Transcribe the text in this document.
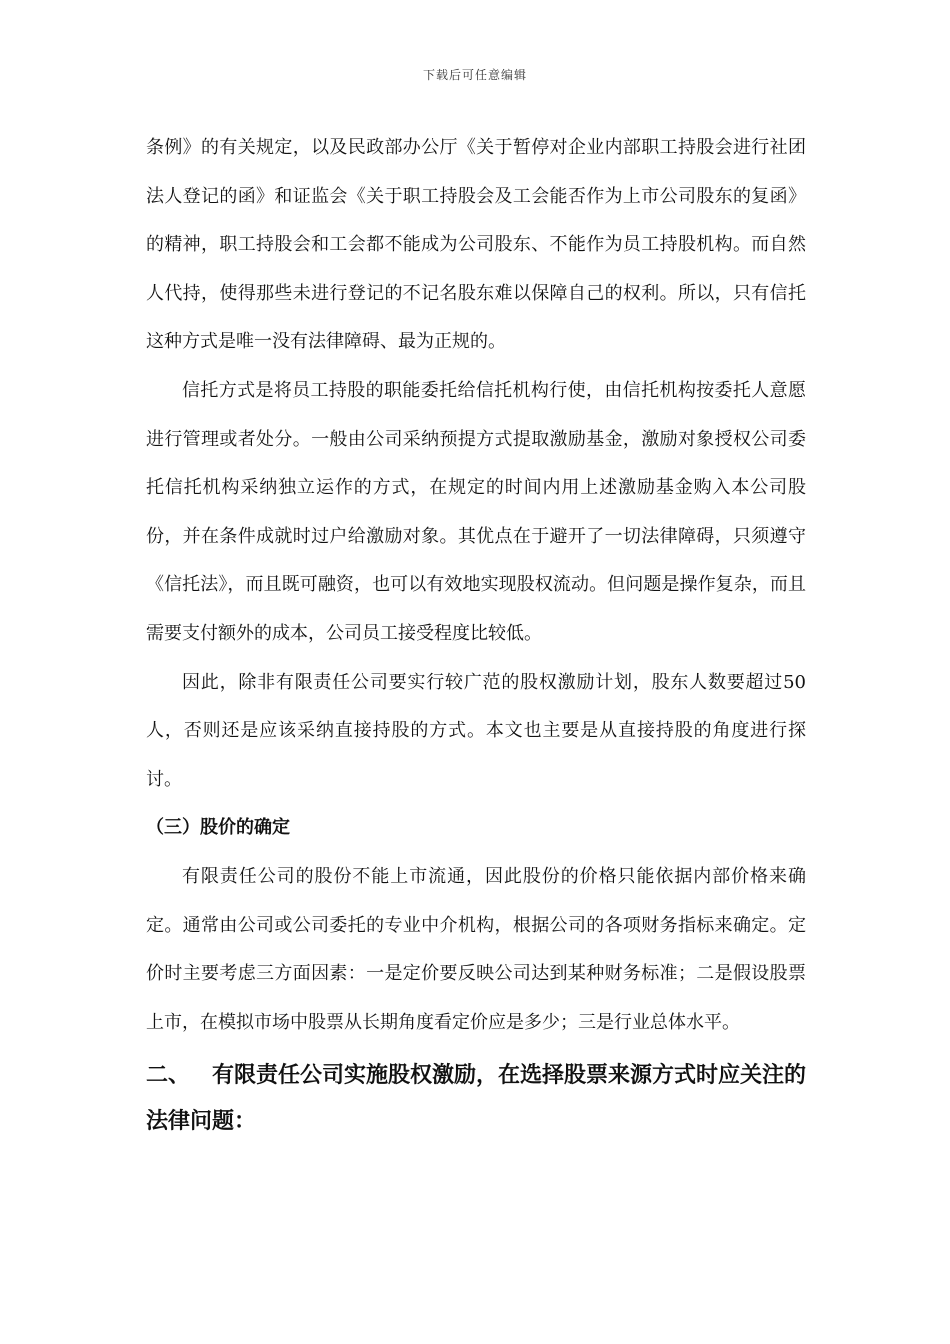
下载后可任意编辑

条例》的有关规定，以及民政部办公厅《关于暂停对企业内部职工持股会进行社团法人登记的函》和证监会《关于职工持股会及工会能否作为上市公司股东的复函》的精神，职工持股会和工会都不能成为公司股东、不能作为员工持股机构。而自然人代持，使得那些未进行登记的不记名股东难以保障自己的权利。所以，只有信托这种方式是唯一没有法律障碍、最为正规的。

信托方式是将员工持股的职能委托给信托机构行使，由信托机构按委托人意愿进行管理或者处分。一般由公司采纳预提方式提取激励基金，激励对象授权公司委托信托机构采纳独立运作的方式，在规定的时间内用上述激励基金购入本公司股份，并在条件成就时过户给激励对象。其优点在于避开了一切法律障碍，只须遵守《信托法》，而且既可融资，也可以有效地实现股权流动。但问题是操作复杂，而且需要支付额外的成本，公司员工接受程度比较低。

因此，除非有限责任公司要实行较广范的股权激励计划，股东人数要超过50人，否则还是应该采纳直接持股的方式。本文也主要是从直接持股的角度进行探讨。

（三）股价的确定

有限责任公司的股份不能上市流通，因此股份的价格只能依据内部价格来确定。通常由公司或公司委托的专业中介机构，根据公司的各项财务指标来确定。定价时主要考虑三方面因素：一是定价要反映公司达到某种财务标准；二是假设股票上市，在模拟市场中股票从长期角度看定价应是多少；三是行业总体水平。

二、 有限责任公司实施股权激励，在选择股票来源方式时应关注的法律问题：
